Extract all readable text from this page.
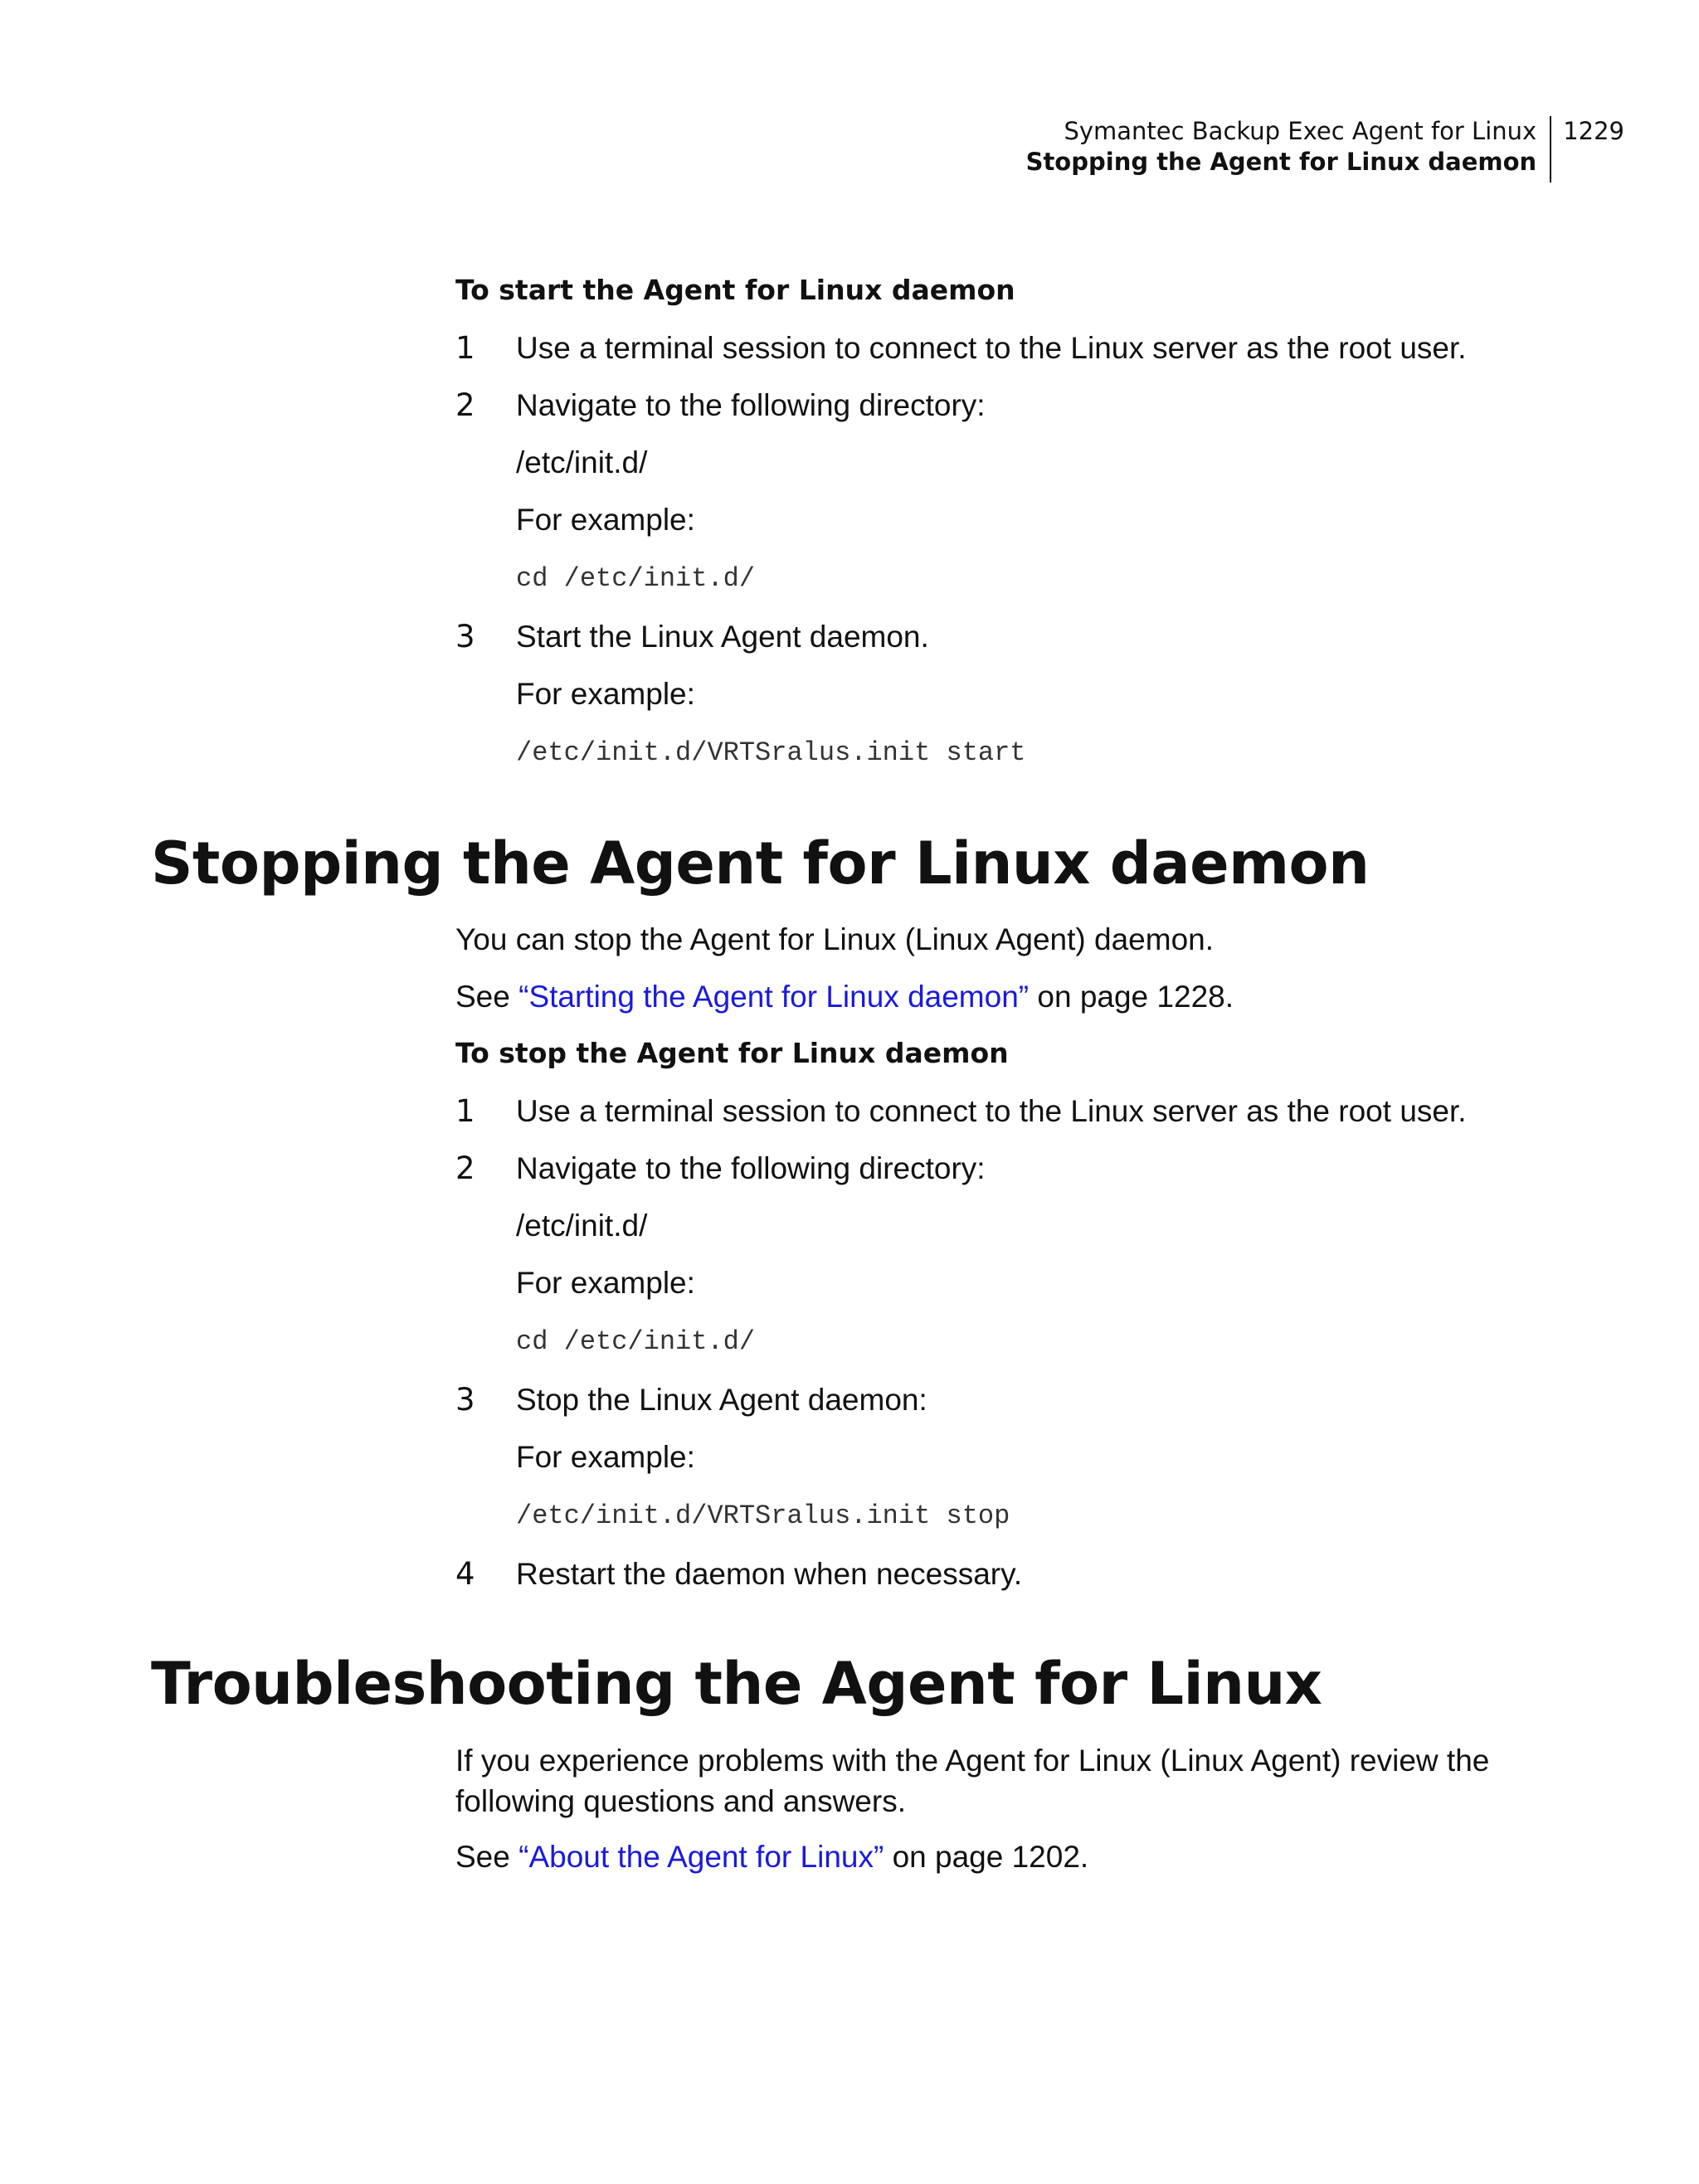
Symantec Backup Exec Agent for Linux
Stopping the Agent for Linux daemon
1229
To start the Agent for Linux daemon
1 Use a terminal session to connect to the Linux server as the root user.
2 Navigate to the following directory:
/etc/init.d/
For example:
cd /etc/init.d/
3 Start the Linux Agent daemon.
For example:
/etc/init.d/VRTSralus.init start
Stopping the Agent for Linux daemon
You can stop the Agent for Linux (Linux Agent) daemon.
See “Starting the Agent for Linux daemon” on page 1228.
To stop the Agent for Linux daemon
1 Use a terminal session to connect to the Linux server as the root user.
2 Navigate to the following directory:
/etc/init.d/
For example:
cd /etc/init.d/
3 Stop the Linux Agent daemon:
For example:
/etc/init.d/VRTSralus.init stop
4 Restart the daemon when necessary.
Troubleshooting the Agent for Linux
If you experience problems with the Agent for Linux (Linux Agent) review the following questions and answers.
See “About the Agent for Linux” on page 1202.
